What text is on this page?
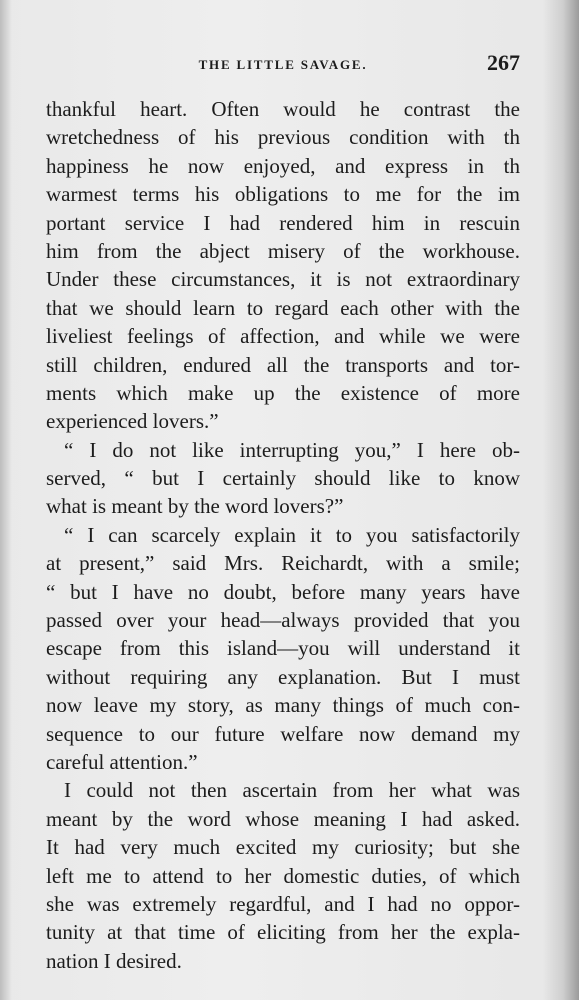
THE LITTLE SAVAGE.	267
thankful heart. Often would he contrast the
wretchedness of his previous condition with th
happiness he now enjoyed, and express in th
warmest terms his obligations to me for the im
portant service I had rendered him in rescuin
him from the abject misery of the workhouse.
Under these circumstances, it is not extraordinary
that we should learn to regard each other with the
liveliest feelings of affection, and while we were
still children, endured all the transports and tor-
ments which make up the existence of more
experienced lovers.”
“ I do not like interrupting you,” I here ob-
served, “ but I certainly should like to know
what is meant by the word lovers?”
“ I can scarcely explain it to you satisfactorily
at present,” said Mrs. Reichardt, with a smile;
“ but I have no doubt, before many years have
passed over your head—always provided that you
escape from this island—you will understand it
without requiring any explanation. But I must
now leave my story, as many things of much con-
sequence to our future welfare now demand my
careful attention.”
I could not then ascertain from her what was
meant by the word whose meaning I had asked.
It had very much excited my curiosity; but she
left me to attend to her domestic duties, of which
she was extremely regardful, and I had no oppor-
tunity at that time of eliciting from her the expla-
nation I desired.
